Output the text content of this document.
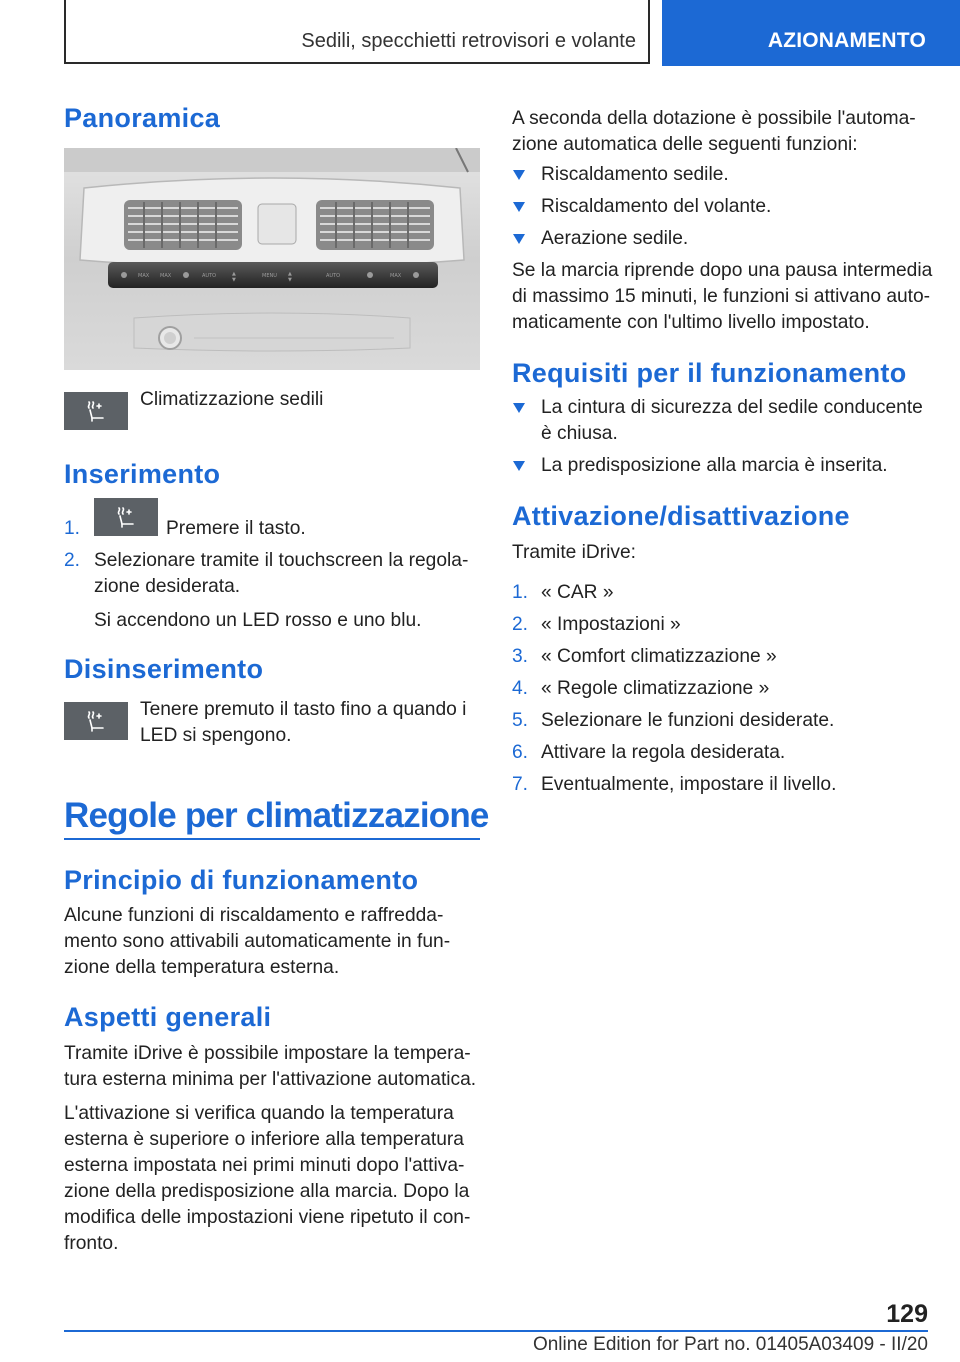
Sedili, specchietti retrovisori e volante	AZIONAMENTO
Panoramica
MAX MAX	AUTO	▲
▼
MENU ▲
▼
AUTO	MAX
Climatizzazione sedili
Inserimento
1.	Premere il tasto.
2. Selezionare tramite il touchscreen la regola-
zione desiderata.
Si accendono un LED rosso e uno blu.
Disinserimento
Tenere premuto il tasto fino a quando i
LED si spengono.
Regole per climatizzazione
Principio di funzionamento
Alcune funzioni di riscaldamento e raffredda-
mento sono attivabili automaticamente in fun-
zione della temperatura esterna.
Aspetti generali
Tramite iDrive è possibile impostare la tempera-
tura esterna minima per l'attivazione automatica.
L'attivazione si verifica quando la temperatura
esterna è superiore o inferiore alla temperatura
esterna impostata nei primi minuti dopo l'attiva-
zione della predisposizione alla marcia. Dopo la
modifica delle impostazioni viene ripetuto il con-
fronto.
A seconda della dotazione è possibile l'automa-
zione automatica delle seguenti funzioni:
Riscaldamento sedile.
Riscaldamento del volante.
Aerazione sedile.
Se la marcia riprende dopo una pausa intermedia
di massimo 15 minuti, le funzioni si attivano auto-
maticamente con l'ultimo livello impostato.
Requisiti per il funzionamento
La cintura di sicurezza del sedile conducente
è chiusa.
La predisposizione alla marcia è inserita.
Attivazione/disattivazione
Tramite iDrive:
1. « CAR »
2. « Impostazioni »
3. « Comfort climatizzazione »
4. « Regole climatizzazione »
5. Selezionare le funzioni desiderate.
6. Attivare la regola desiderata.
7. Eventualmente, impostare il livello.
129
Online Edition for Part no. 01405A03409 - II/20
